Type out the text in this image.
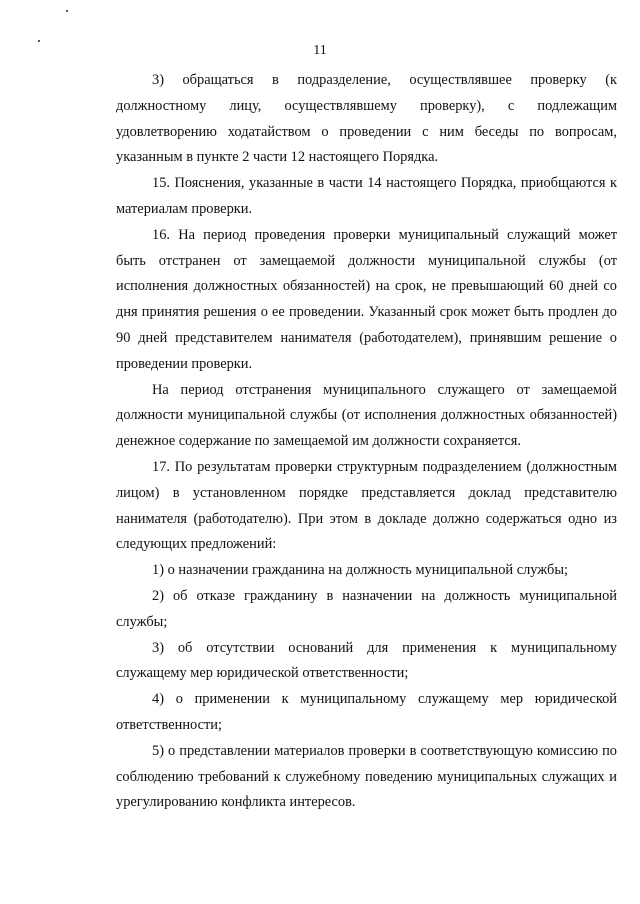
11

3) обращаться в подразделение, осуществлявшее проверку (к должностному лицу, осуществлявшему проверку), с подлежащим удовлетворению ходатайством о проведении с ним беседы по вопросам, указанным в пункте 2 части 12 настоящего Порядка.

15. Пояснения, указанные в части 14 настоящего Порядка, приобщаются к материалам проверки.

16. На период проведения проверки муниципальный служащий может быть отстранен от замещаемой должности муниципальной службы (от исполнения должностных обязанностей) на срок, не превышающий 60 дней со дня принятия решения о ее проведении. Указанный срок может быть продлен до 90 дней представителем нанимателя (работодателем), принявшим решение о проведении проверки.

На период отстранения муниципального служащего от замещаемой должности муниципальной службы (от исполнения должностных обязанностей) денежное содержание по замещаемой им должности сохраняется.

17. По результатам проверки структурным подразделением (должностным лицом) в установленном порядке представляется доклад представителю нанимателя (работодателю). При этом в докладе должно содержаться одно из следующих предложений:

1) о назначении гражданина на должность муниципальной службы;

2) об отказе гражданину в назначении на должность муниципальной службы;

3) об отсутствии оснований для применения к муниципальному служащему мер юридической ответственности;

4) о применении к муниципальному служащему мер юридической ответственности;

5) о представлении материалов проверки в соответствующую комиссию по соблюдению требований к служебному поведению муниципальных служащих и урегулированию конфликта интересов.
